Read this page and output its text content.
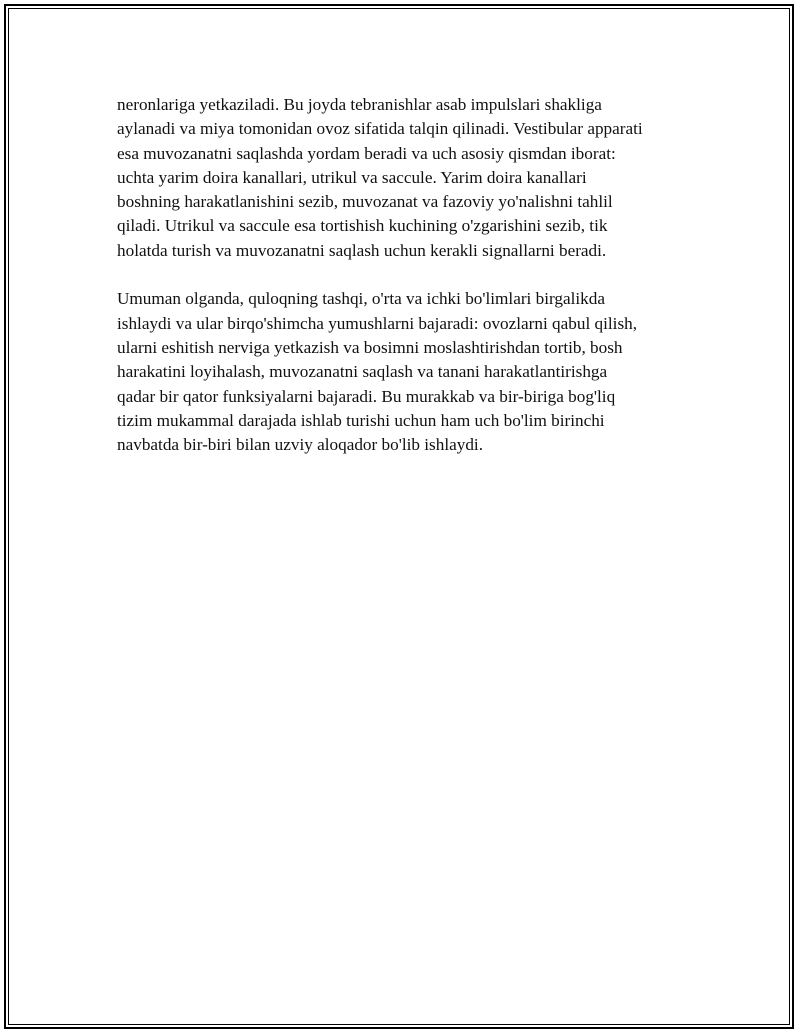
neronlariga yetkaziladi. Bu joyda tebranishlar asab impulslari shakliga
aylanadi va miya tomonidan ovoz sifatida talqin qilinadi. Vestibular apparati
esa muvozanatni saqlashda yordam beradi va uch asosiy qismdan iborat:
uchta yarim doira kanallari, utrikul va saccule. Yarim doira kanallari
boshning harakatlanishini sezib, muvozanat va fazoviy yo'nalishni tahlil
qiladi. Utrikul va saccule esa tortishish kuchining o'zgarishini sezib, tik
holatda turish va muvozanatni saqlash uchun kerakli signallarni beradi.

Umuman olganda, quloqning tashqi, o'rta va ichki bo'limlari birgalikda
ishlaydi va ular birqo'shimcha yumushlarni bajaradi: ovozlarni qabul qilish,
ularni eshitish nerviga yetkazish va bosimni moslashtirishdan tortib, bosh
harakatini loyihalash, muvozanatni saqlash va tanani harakatlantirishga
qadar bir qator funksiyalarni bajaradi. Bu murakkab va bir-biriga bog'liq
tizim mukammal darajada ishlab turishi uchun ham uch bo'lim birinchi
navbatda bir-biri bilan uzviy aloqador bo'lib ishlaydi.
